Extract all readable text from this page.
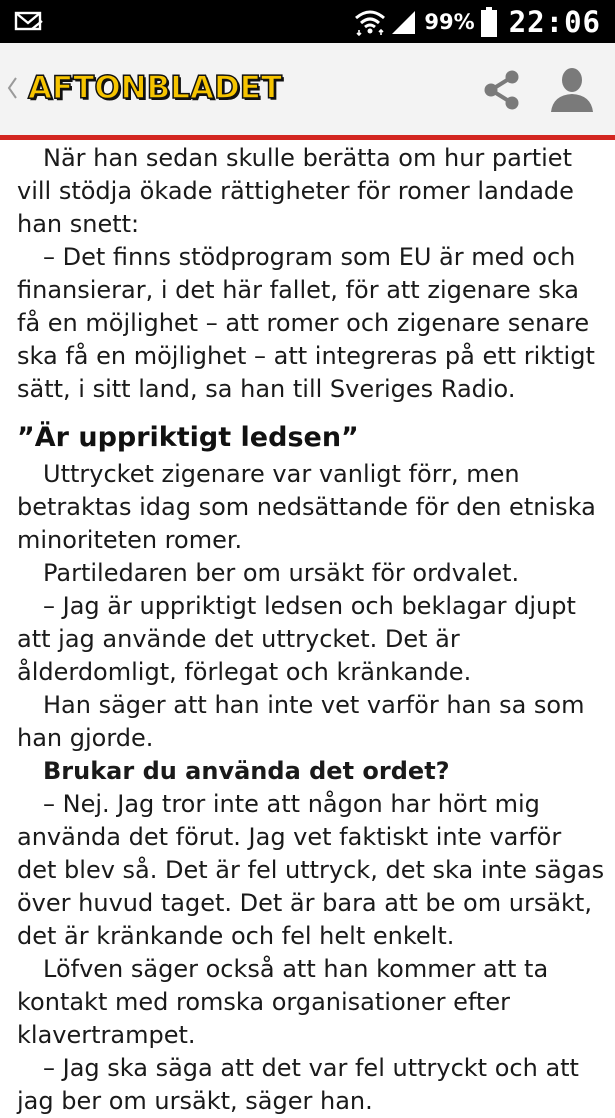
99% 22:06
AFTONBLADET

När han sedan skulle berätta om hur partiet vill stödja ökade rättigheter för romer landade han snett:

– Det finns stödprogram som EU är med och finansierar, i det här fallet, för att zigenare ska få en möjlighet – att romer och zigenare senare ska få en möjlighet – att integreras på ett riktigt sätt, i sitt land, sa han till Sveriges Radio.

”Är uppriktigt ledsen”

Uttrycket zigenare var vanligt förr, men betraktas idag som nedsättande för den etniska minoriteten romer.

Partiledaren ber om ursäkt för ordvalet.

– Jag är uppriktigt ledsen och beklagar djupt att jag använde det uttrycket. Det är ålderdomligt, förlegat och kränkande.

Han säger att han inte vet varför han sa som han gjorde.

Brukar du använda det ordet?

– Nej. Jag tror inte att någon har hört mig använda det förut. Jag vet faktiskt inte varför det blev så. Det är fel uttryck, det ska inte sägas över huvud taget. Det är bara att be om ursäkt, det är kränkande och fel helt enkelt.

Löfven säger också att han kommer att ta kontakt med romska organisationer efter klavertrampet.

– Jag ska säga att det var fel uttryckt och att jag ber om ursäkt, säger han.
